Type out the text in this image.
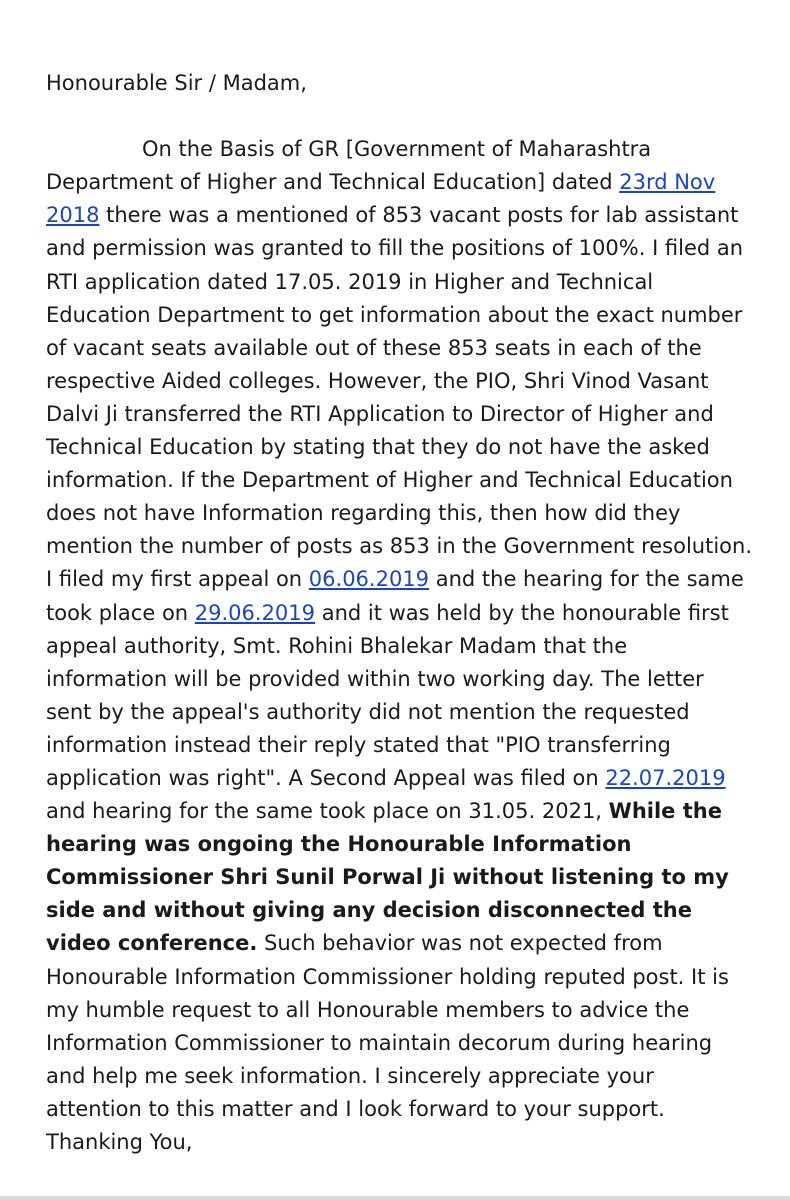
Honourable Sir / Madam,

On the Basis of GR [Government of Maharashtra Department of Higher and Technical Education] dated 23rd Nov 2018 there was a mentioned of 853 vacant posts for lab assistant and permission was granted to fill the positions of 100%. I filed an RTI application dated 17.05. 2019 in Higher and Technical Education Department to get information about the exact number of vacant seats available out of these 853 seats in each of the respective Aided colleges. However, the PIO, Shri Vinod Vasant Dalvi Ji transferred the RTI Application to Director of Higher and Technical Education by stating that they do not have the asked information. If the Department of Higher and Technical Education does not have Information regarding this, then how did they mention the number of posts as 853 in the Government resolution. I filed my first appeal on 06.06.2019 and the hearing for the same took place on 29.06.2019 and it was held by the honourable first appeal authority, Smt. Rohini Bhalekar Madam that the information will be provided within two working day. The letter sent by the appeal's authority did not mention the requested information instead their reply stated that "PIO transferring application was right". A Second Appeal was filed on 22.07.2019 and hearing for the same took place on 31.05. 2021, While the hearing was ongoing the Honourable Information Commissioner Shri Sunil Porwal Ji without listening to my side and without giving any decision disconnected the video conference. Such behavior was not expected from Honourable Information Commissioner holding reputed post. It is my humble request to all Honourable members to advice the Information Commissioner to maintain decorum during hearing and help me seek information. I sincerely appreciate your attention to this matter and I look forward to your support.

Thanking You,
